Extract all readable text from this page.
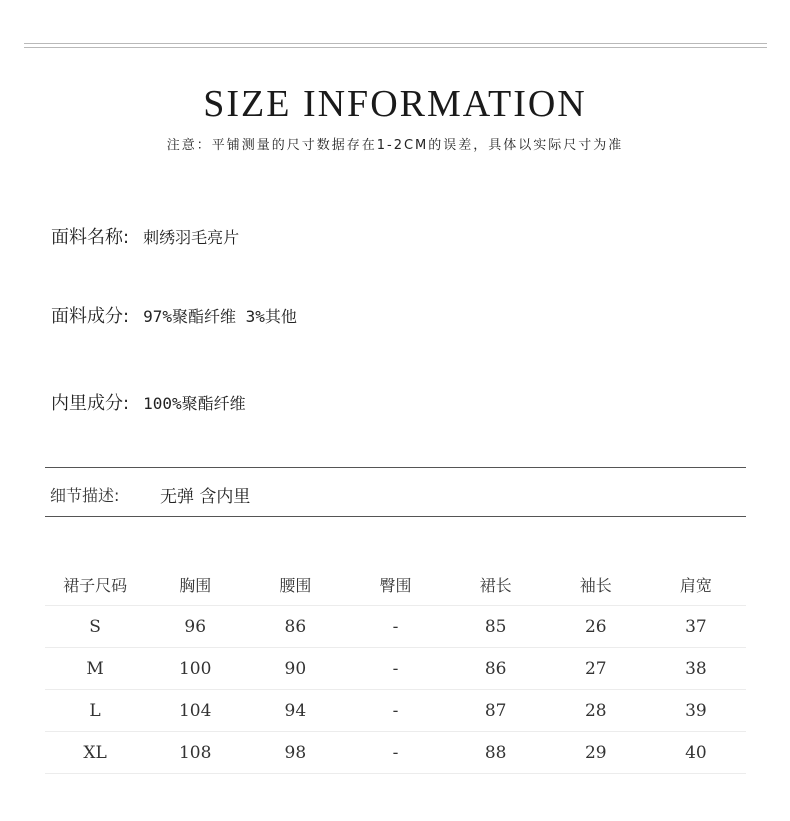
SIZE INFORMATION
注意：平铺测量的尺寸数据存在1-2CM的误差，具体以实际尺寸为准
面料名称: 刺绣羽毛亮片
面料成分: 97%聚酯纤维 3%其他
内里成分: 100%聚酯纤维
细节描述: 无弹 含内里
裙子尺码	胸围	腰围	臀围	裙长	袖长	肩宽
S	96	86	-	85	26	37
M	100	90	-	86	27	38
L	104	94	-	87	28	39
XL	108	98	-	88	29	40
